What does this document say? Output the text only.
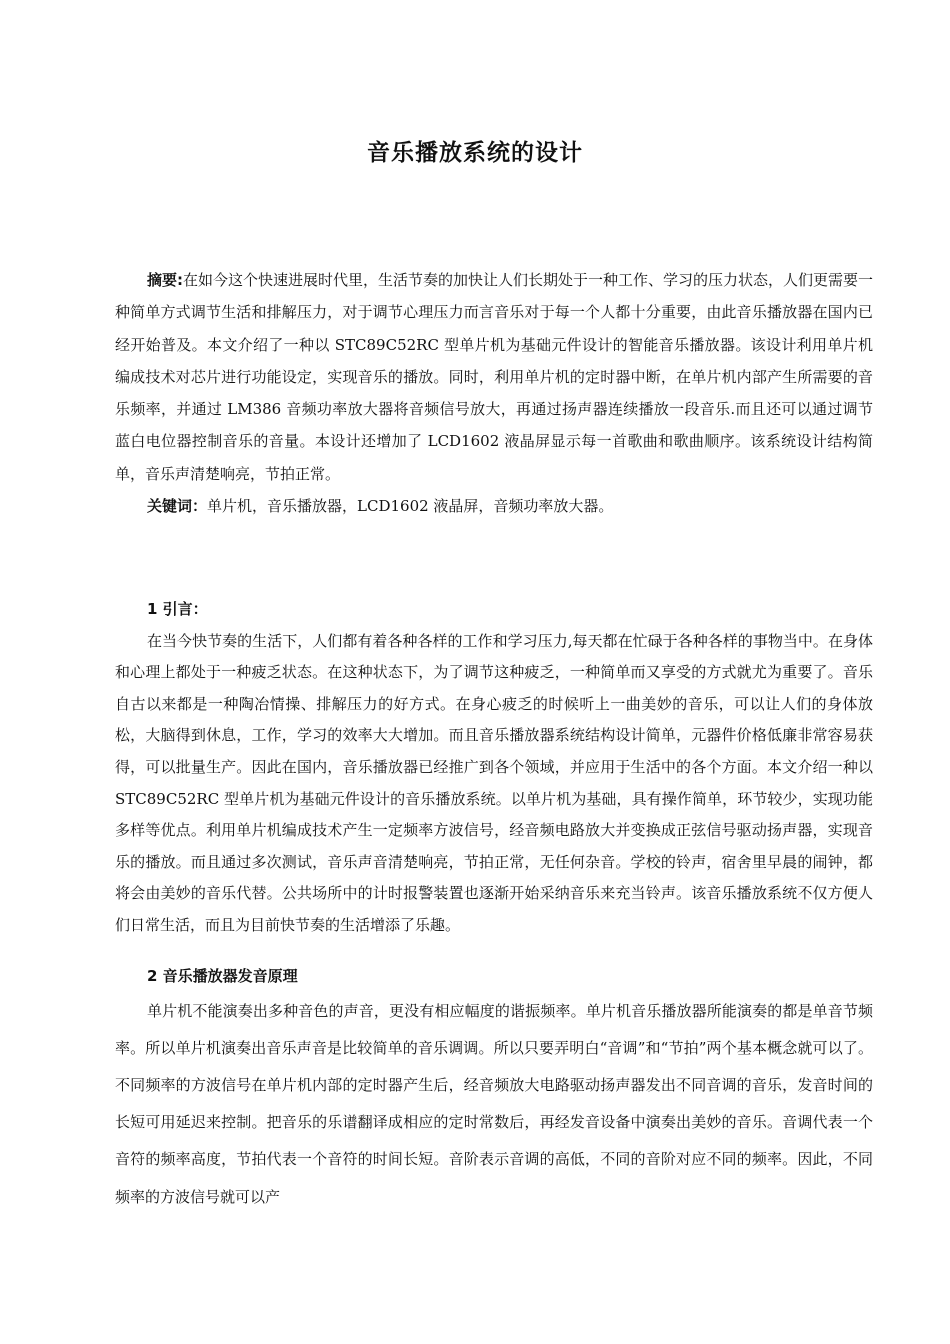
音乐播放系统的设计

摘要:在如今这个快速进展时代里，生活节奏的加快让人们长期处于一种工作、学习的压力状态，人们更需要一种简单方式调节生活和排解压力，对于调节心理压力而言音乐对于每一个人都十分重要，由此音乐播放器在国内已经开始普及。本文介绍了一种以 STC89C52RC 型单片机为基础元件设计的智能音乐播放器。该设计利用单片机编成技术对芯片进行功能设定，实现音乐的播放。同时，利用单片机的定时器中断，在单片机内部产生所需要的音乐频率，并通过 LM386 音频功率放大器将音频信号放大，再通过扬声器连续播放一段音乐.而且还可以通过调节蓝白电位器控制音乐的音量。本设计还增加了 LCD1602 液晶屏显示每一首歌曲和歌曲顺序。该系统设计结构简单，音乐声清楚响亮，节拍正常。

关键词：单片机，音乐播放器，LCD1602 液晶屏，音频功率放大器。

1 引言：

在当今快节奏的生活下，人们都有着各种各样的工作和学习压力,每天都在忙碌于各种各样的事物当中。在身体和心理上都处于一种疲乏状态。在这种状态下，为了调节这种疲乏，一种简单而又享受的方式就尤为重要了。音乐自古以来都是一种陶冶情操、排解压力的好方式。在身心疲乏的时候听上一曲美妙的音乐，可以让人们的身体放松，大脑得到休息，工作，学习的效率大大增加。而且音乐播放器系统结构设计简单，元器件价格低廉非常容易获得，可以批量生产。因此在国内，音乐播放器已经推广到各个领域，并应用于生活中的各个方面。本文介绍一种以 STC89C52RC 型单片机为基础元件设计的音乐播放系统。以单片机为基础，具有操作简单，环节较少，实现功能多样等优点。利用单片机编成技术产生一定频率方波信号，经音频电路放大并变换成正弦信号驱动扬声器，实现音乐的播放。而且通过多次测试，音乐声音清楚响亮，节拍正常，无任何杂音。学校的铃声，宿舍里早晨的闹钟，都将会由美妙的音乐代替。公共场所中的计时报警装置也逐渐开始采纳音乐来充当铃声。该音乐播放系统不仅方便人们日常生活，而且为目前快节奏的生活增添了乐趣。

2 音乐播放器发音原理

单片机不能演奏出多种音色的声音，更没有相应幅度的谐振频率。单片机音乐播放器所能演奏的都是单音节频率。所以单片机演奏出音乐声音是比较简单的音乐调调。所以只要弄明白“音调”和“节拍”两个基本概念就可以了。不同频率的方波信号在单片机内部的定时器产生后，经音频放大电路驱动扬声器发出不同音调的音乐，发音时间的长短可用延迟来控制。把音乐的乐谱翻译成相应的定时常数后，再经发音设备中演奏出美妙的音乐。音调代表一个音符的频率高度，节拍代表一个音符的时间长短。音阶表示音调的高低，不同的音阶对应不同的频率。因此，不同频率的方波信号就可以产
